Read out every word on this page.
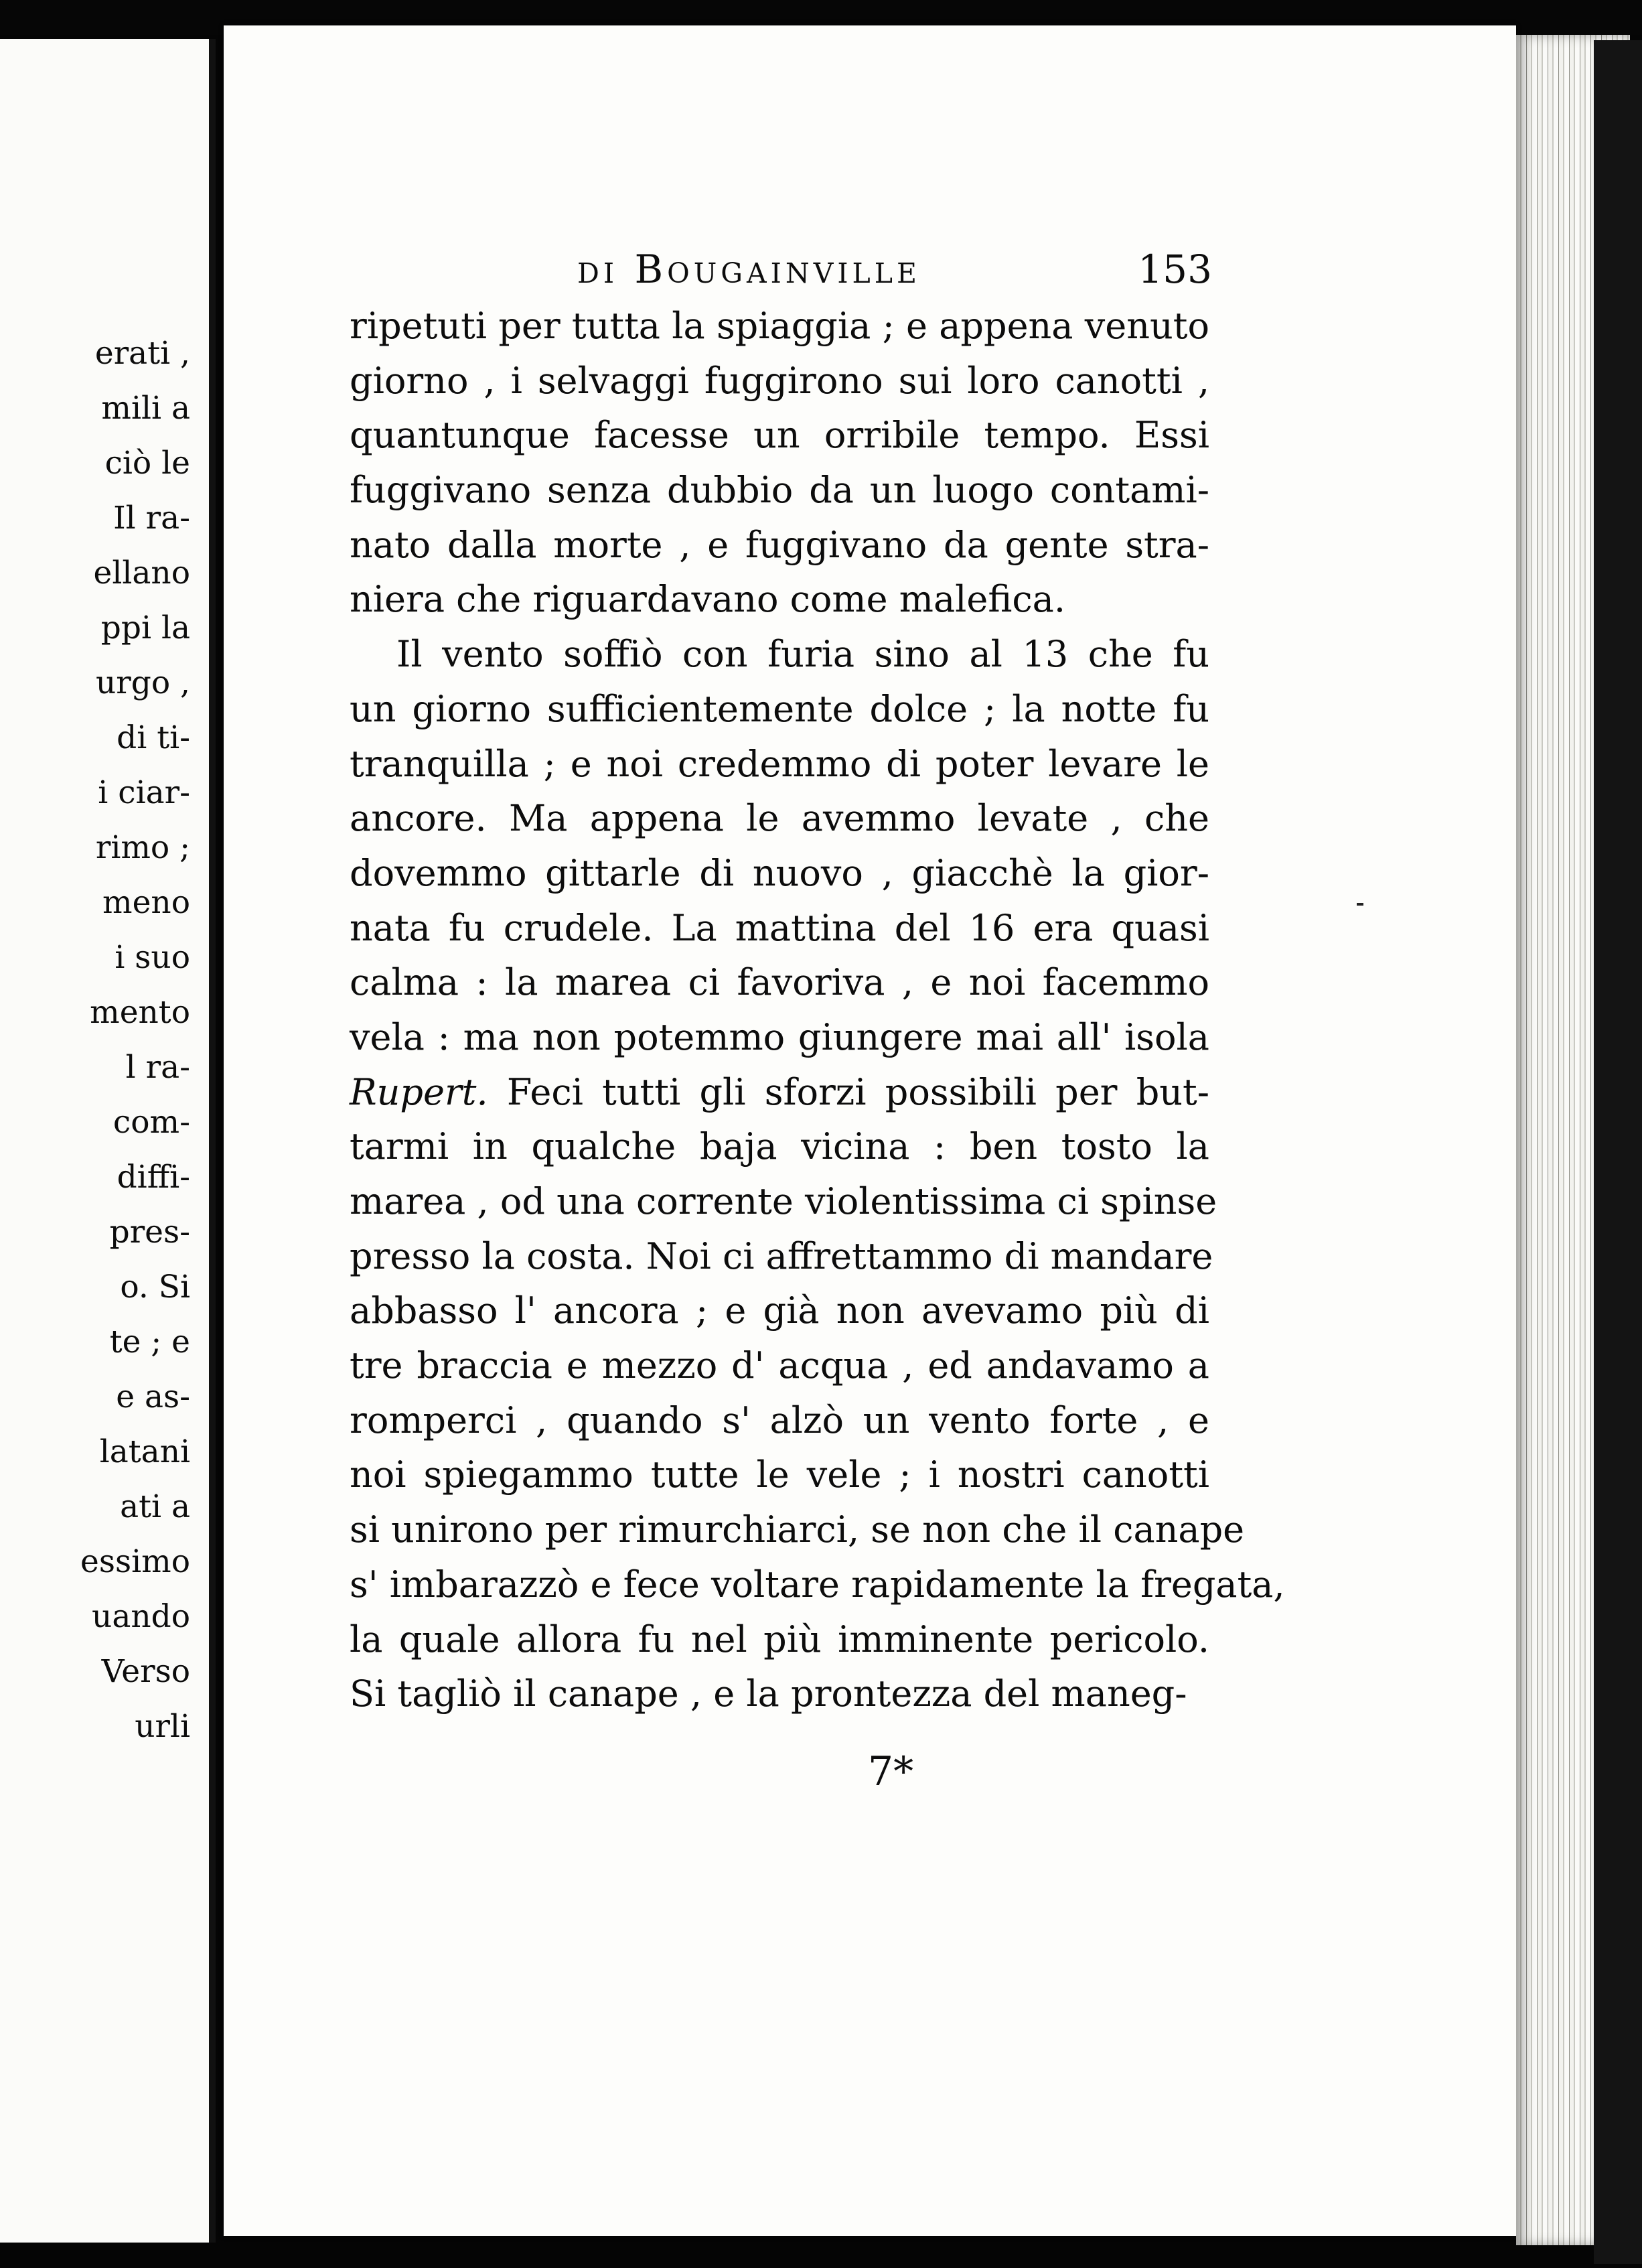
erati ,
mili a
ciò le
Il ra-
ellano
ppi la
urgo ,
di ti-
i ciar-
rimo ;
meno
i suo
mento
l ra-
com-
diffi-
pres-
o. Si
te ; e
e as-
latani
ati a
essimo
uando
Verso
urli
di Bougainville	153
ripetuti per tutta la spiaggia ; e appena venuto
giorno , i selvaggi fuggirono sui loro canotti ,
quantunque facesse un orribile tempo. Essi
fuggivano senza dubbio da un luogo contami-
nato dalla morte , e fuggivano da gente stra-
niera che riguardavano come malefica.
Il vento soffiò con furia sino al 13 che fu
un giorno sufficientemente dolce ; la notte fu
tranquilla ; e noi credemmo di poter levare le
ancore. Ma appena le avemmo levate , che
dovemmo gittarle di nuovo , giacchè la gior-
nata fu crudele. La mattina del 16 era quasi
calma : la marea ci favoriva , e noi facemmo
vela : ma non potemmo giungere mai all' isola
Rupert. Feci tutti gli sforzi possibili per but-
tarmi in qualche baja vicina : ben tosto la
marea , od una corrente violentissima ci spinse
presso la costa. Noi ci affrettammo di mandare
abbasso l' ancora ; e già non avevamo più di
tre braccia e mezzo d' acqua , ed andavamo a
romperci , quando s' alzò un vento forte , e
noi spiegammo tutte le vele ; i nostri canotti
si unirono per rimurchiarci, se non che il canape
s' imbarazzò e fece voltare rapidamente la fregata,
la quale allora fu nel più imminente pericolo.
Si tagliò il canape , e la prontezza del maneg-
7*
